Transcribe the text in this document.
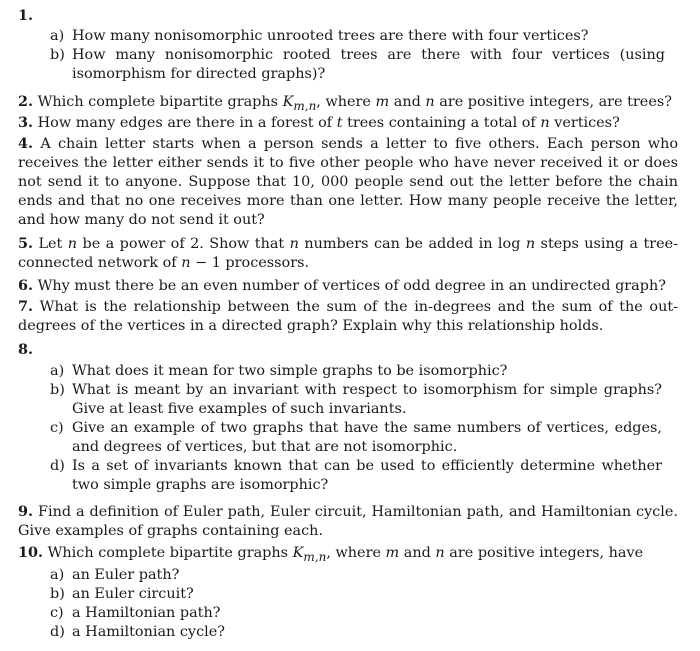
1.
a) How many nonisomorphic unrooted trees are there with four vertices?
b) How many nonisomorphic rooted trees are there with four vertices (using isomorphism for directed graphs)?
2. Which complete bipartite graphs $K_{m,n}$, where m and n are positive integers, are trees?
3. How many edges are there in a forest of t trees containing a total of n vertices?
4. A chain letter starts when a person sends a letter to five others. Each person who receives the letter either sends it to five other people who have never received it or does not send it to anyone. Suppose that 10, 000 people send out the letter before the chain ends and that no one receives more than one letter. How many people receive the letter, and how many do not send it out?
5. Let n be a power of 2. Show that n numbers can be added in log n steps using a tree-connected network of n − 1 processors.
6. Why must there be an even number of vertices of odd degree in an undirected graph?
7. What is the relationship between the sum of the in-degrees and the sum of the out-degrees of the vertices in a directed graph? Explain why this relationship holds.
8.
a) What does it mean for two simple graphs to be isomorphic?
b) What is meant by an invariant with respect to isomorphism for simple graphs? Give at least five examples of such invariants.
c) Give an example of two graphs that have the same numbers of vertices, edges, and degrees of vertices, but that are not isomorphic.
d) Is a set of invariants known that can be used to efficiently determine whether two simple graphs are isomorphic?
9. Find a definition of Euler path, Euler circuit, Hamiltonian path, and Hamiltonian cycle. Give examples of graphs containing each.
10. Which complete bipartite graphs $K_{m,n}$, where m and n are positive integers, have
a) an Euler path?
b) an Euler circuit?
c) a Hamiltonian path?
d) a Hamiltonian cycle?
